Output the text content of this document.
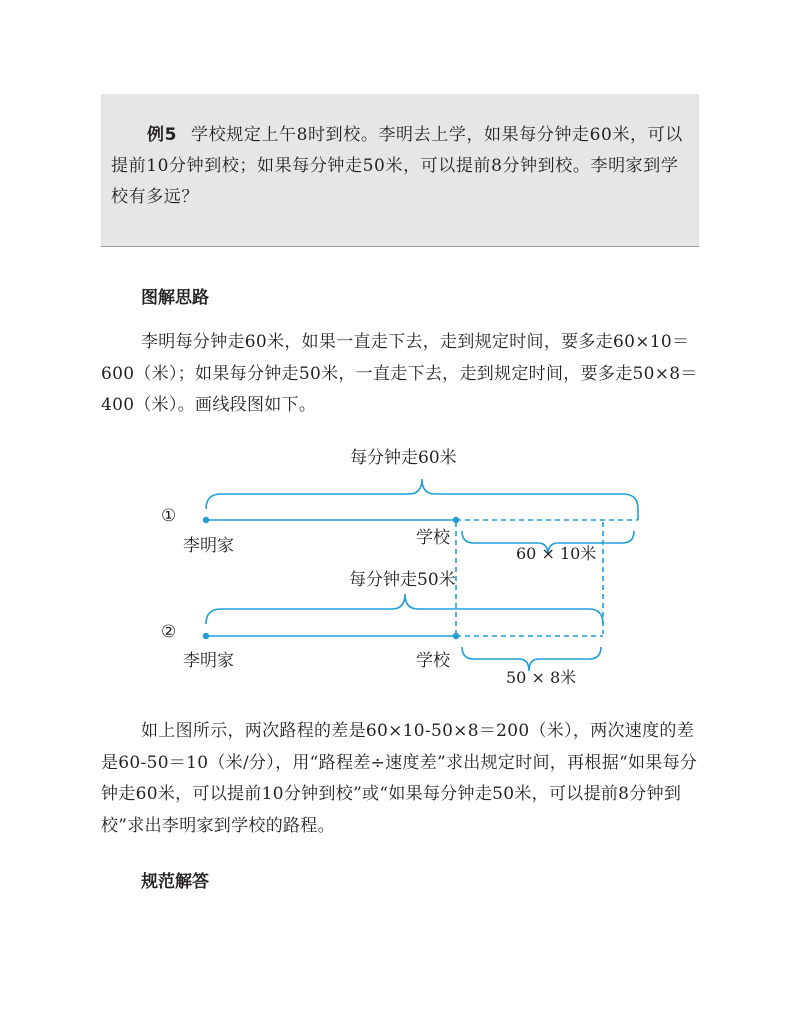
例5 学校规定上午8时到校。李明去上学，如果每分钟走60米，可以提前10分钟到校；如果每分钟走50米，可以提前8分钟到校。李明家到学校有多远？
图解思路
李明每分钟走60米，如果一直走下去，走到规定时间，要多走60×10＝600（米）；如果每分钟走50米，一直走下去，走到规定时间，要多走50×8＝400（米）。画线段图如下。
每分钟走60米
①
李明家	学校
60 × 10米
每分钟走50米
②
李明家	学校
50 × 8米
如上图所示，两次路程的差是60×10-50×8＝200（米），两次速度的差是60-50＝10（米/分），用“路程差÷速度差”求出规定时间，再根据“如果每分钟走60米，可以提前10分钟到校”或“如果每分钟走50米，可以提前8分钟到校”求出李明家到学校的路程。
规范解答
